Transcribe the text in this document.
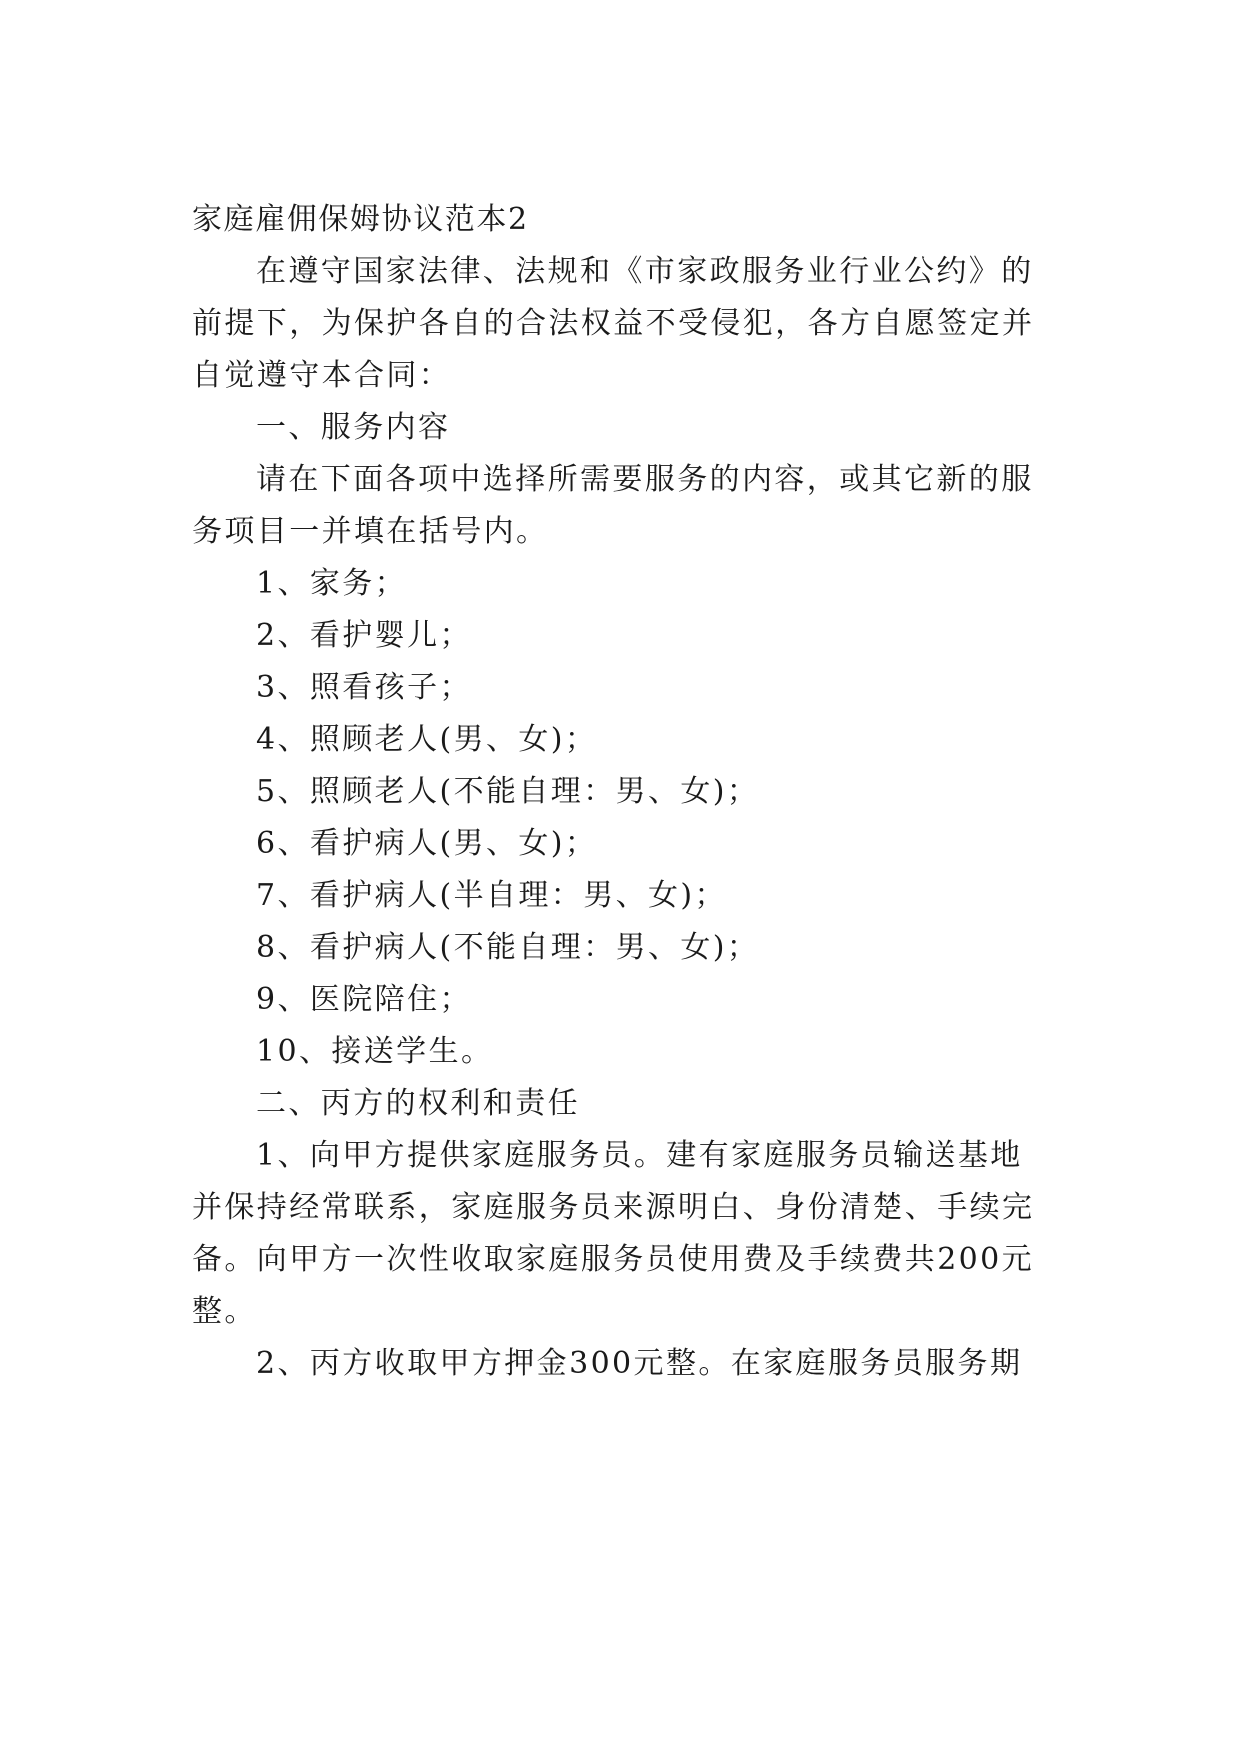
家庭雇佣保姆协议范本2
在遵守国家法律、法规和《市家政服务业行业公约》的
前提下，为保护各自的合法权益不受侵犯，各方自愿签定并
自觉遵守本合同：
一、服务内容
请在下面各项中选择所需要服务的内容，或其它新的服
务项目一并填在括号内。
1、家务；
2、看护婴儿；
3、照看孩子；
4、照顾老人(男、女)；
5、照顾老人(不能自理：男、女)；
6、看护病人(男、女)；
7、看护病人(半自理：男、女)；
8、看护病人(不能自理：男、女)；
9、医院陪住；
10、接送学生。
二、丙方的权利和责任
1、向甲方提供家庭服务员。建有家庭服务员输送基地
并保持经常联系，家庭服务员来源明白、身份清楚、手续完
备。向甲方一次性收取家庭服务员使用费及手续费共200元
整。
2、丙方收取甲方押金300元整。在家庭服务员服务期
